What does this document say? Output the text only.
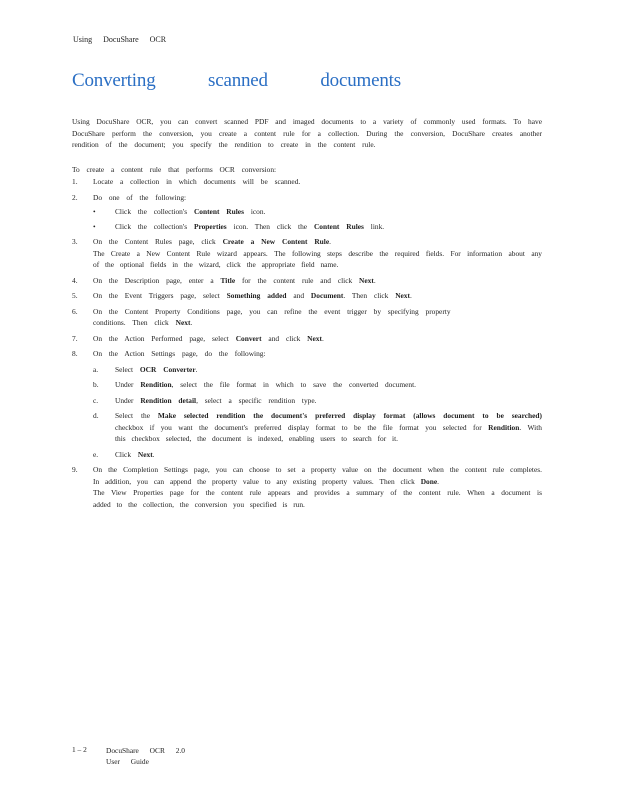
Using DocuShare OCR
Converting scanned documents

Using DocuShare OCR, you can convert scanned PDF and imaged documents to a variety of commonly used formats. To have DocuShare perform the conversion, you create a content rule for a collection. During the conversion, DocuShare creates another rendition of the document; you specify the rendition to create in the content rule.

To create a content rule that performs OCR conversion:

1. Locate a collection in which documents will be scanned.
2. Do one of the following:
•	Click the collection's Content Rules icon.
•	Click the collection's Properties icon. Then click the Content Rules link.
3. On the Content Rules page, click Create a New Content Rule.

The Create a New Content Rule wizard appears. The following steps describe the required fields. For information about any of the optional fields in the wizard, click the appropriate field name.

4. On the Description page, enter a Title for the content rule and click Next.
5. On the Event Triggers page, select Something added and Document. Then click Next.
6. On the Content Property Conditions page, you can refine the event trigger by specifying property
conditions. Then click Next.
7. On the Action Performed page, select Convert and click Next.
8. On the Action Settings page, do the following:
a. Select OCR Converter.
b. Under Rendition, select the file format in which to save the converted document.
c. Under Rendition detail, select a specific rendition type.
d. Select the Make selected rendition the document's preferred display format (allows document to be searched) checkbox if you want the document's preferred display format to be the file format you selected for Rendition. With this checkbox selected, the document is indexed, enabling users to search for it.
e. Click Next.
9. On the Completion Settings page, you can choose to set a property value on the document when the content rule completes. In addition, you can append the property value to any existing property values. Then click Done.

The View Properties page for the content rule appears and provides a summary of the content rule. When a document is added to the collection, the conversion you specified is run.

1 – 2	DocuShare OCR 2.0 User Guide
